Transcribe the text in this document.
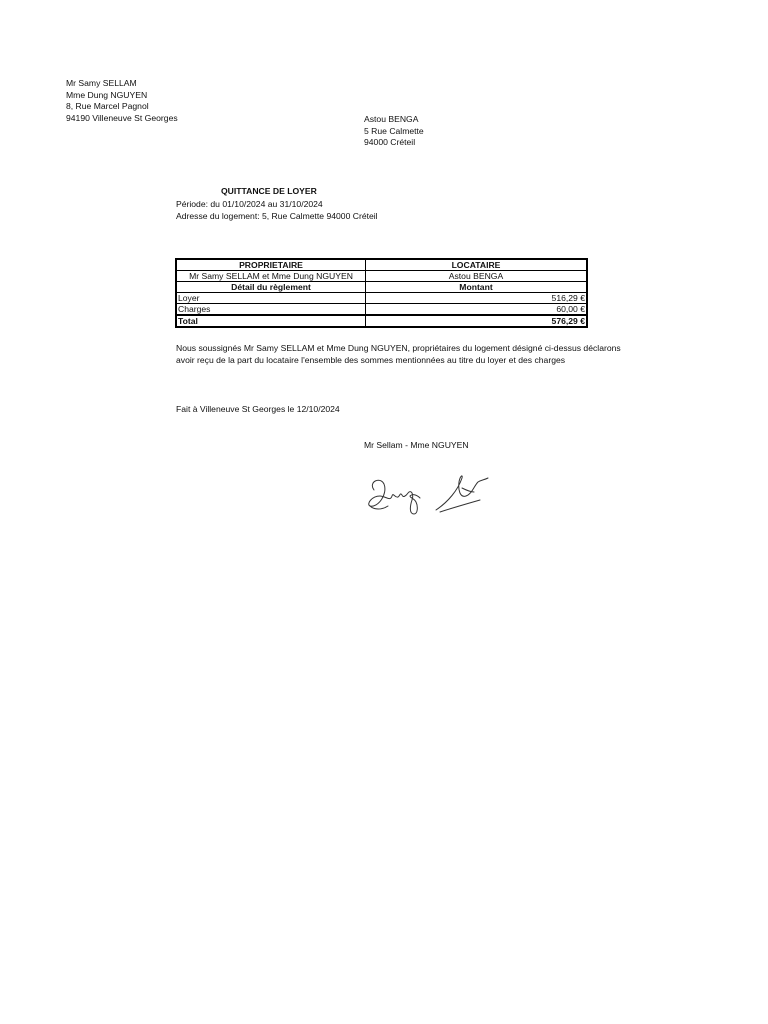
Mr Samy SELLAM
Mme Dung NGUYEN
8, Rue Marcel Pagnol
94190 Villeneuve St Georges	Astou BENGA
5 Rue Calmette
94000 Créteil
QUITTANCE DE LOYER
Période: du 01/10/2024 au 31/10/2024
Adresse du logement: 5, Rue Calmette 94000 Créteil
PROPRIETAIRE	LOCATAIRE
Mr Samy SELLAM et Mme Dung NGUYEN	Astou BENGA
Détail du règlement	Montant
Loyer	516,29 €
Charges	60,00 €
Total	576,29 €
Nous soussignés Mr Samy SELLAM et Mme Dung NGUYEN, propriétaires du logement désigné ci-dessus déclarons
avoir reçu de la part du locataire l'ensemble des sommes mentionnées au titre du loyer et des charges
Fait à Villeneuve St Georges le 12/10/2024
Mr Sellam - Mme NGUYEN
